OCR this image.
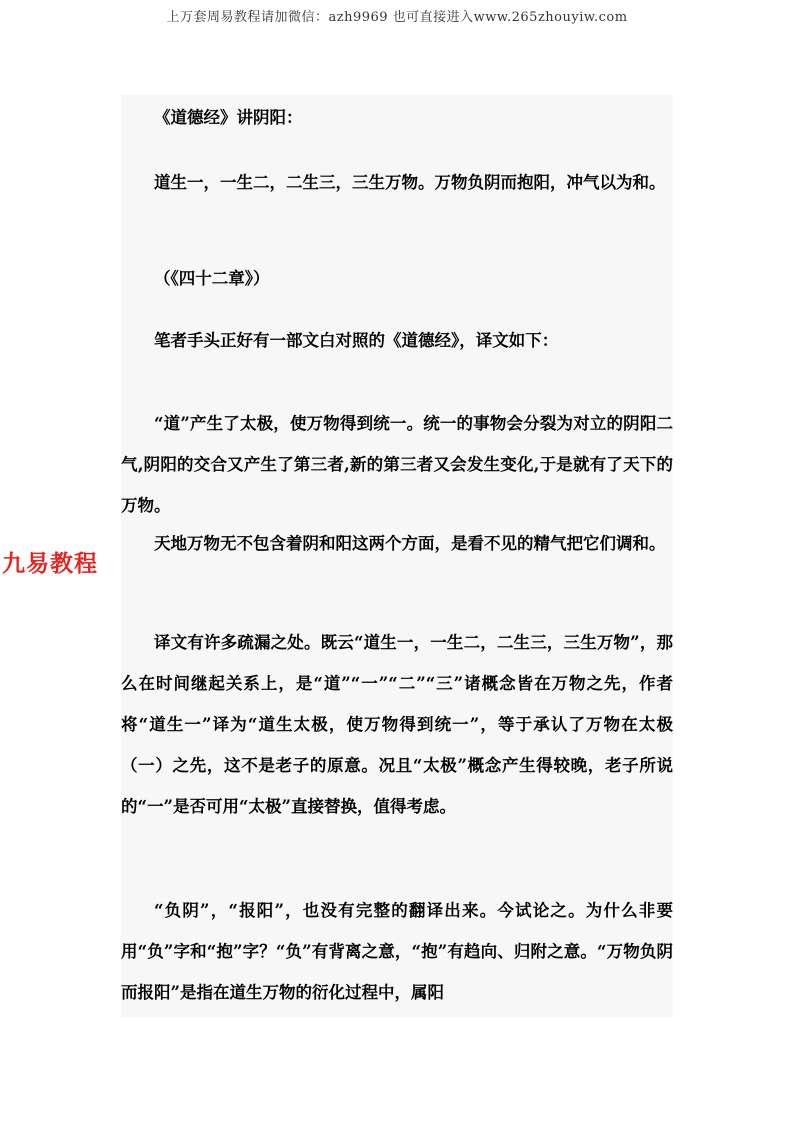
上万套周易教程请加微信：azh9969 也可直接进入www.265zhouyiw.com
九易教程

《道德经》讲阴阳：

道生一，一生二，二生三，三生万物。万物负阴而抱阳，冲气以为和。

（《四十二章》）

笔者手头正好有一部文白对照的《道德经》，译文如下：

“道”产生了太极，使万物得到统一。统一的事物会分裂为对立的阴阳二气,阴阳的交合又产生了第三者,新的第三者又会发生变化,于是就有了天下的万物。

天地万物无不包含着阴和阳这两个方面，是看不见的精气把它们调和。

译文有许多疏漏之处。既云“道生一，一生二，二生三，三生万物”，那么在时间继起关系上，是“道”“一”“二”“三”诸概念皆在万物之先，作者将“道生一”译为“道生太极，使万物得到统一”，等于承认了万物在太极（一）之先，这不是老子的原意。况且“太极”概念产生得较晚，老子所说的“一”是否可用“太极”直接替换，值得考虑。

“负阴”，“报阳”，也没有完整的翻译出来。今试论之。为什么非要用“负”字和“抱”字？“负”有背离之意，“抱”有趋向、归附之意。“万物负阴而报阳”是指在道生万物的衍化过程中，属阳
